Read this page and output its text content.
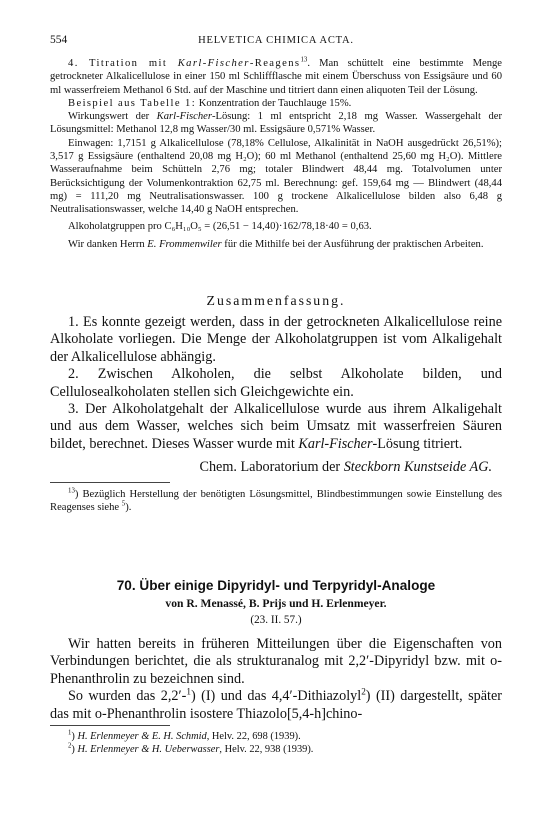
554	HELVETICA CHIMICA ACTA.

4. Titration mit Karl-Fischer-Reagens$^{13}$. Man schüttelt eine bestimmte Menge getrockneter Alkalicellulose in einer 150 ml Schliffflasche mit einem Überschuss von Essigsäure und 60 ml wasserfreiem Methanol 6 Std. auf der Maschine und titriert dann einen aliquoten Teil der Lösung.

Beispiel aus Tabelle 1: Konzentration der Tauchlauge 15%.

Wirkungswert der Karl-Fischer-Lösung: 1 ml entspricht 2,18 mg Wasser. Wassergehalt der Lösungsmittel: Methanol 12,8 mg Wasser/30 ml. Essigsäure 0,571% Wasser.

Einwagen: 1,7151 g Alkalicellulose (78,18% Cellulose, Alkalinität in NaOH ausgedrückt 26,51%); 3,517 g Essigsäure (enthaltend 20,08 mg H₂O); 60 ml Methanol (enthaltend 25,60 mg H₂O). Mittlere Wasseraufnahme beim Schütteln 2,76 mg; totaler Blindwert 48,44 mg. Totalvolumen unter Berücksichtigung der Volumenkontraktion 62,75 ml. Berechnung: gef. 159,64 mg — Blindwert (48,44 mg) = 111,20 mg Neutralisationswasser. 100 g trockene Alkalicellulose bilden also 6,48 g Neutralisationswasser, welche 14,40 g NaOH entsprechen.

Alkoholatgruppen pro C₆H₁₀O₅ = (26,51 − 14,40)·162/78,18·40 = 0,63.

Wir danken Herrn E. Frommenwiler für die Mithilfe bei der Ausführung der praktischen Arbeiten.

Zusammenfassung.

1. Es konnte gezeigt werden, dass in der getrockneten Alkalicellulose reine Alkoholate vorliegen. Die Menge der Alkoholatgruppen ist vom Alkaligehalt der Alkalicellulose abhängig.

2. Zwischen Alkoholen, die selbst Alkoholate bilden, und Cellulosealkoholaten stellen sich Gleichgewichte ein.

3. Der Alkoholatgehalt der Alkalicellulose wurde aus ihrem Alkaligehalt und aus dem Wasser, welches sich beim Umsatz mit wasserfreien Säuren bildet, berechnet. Dieses Wasser wurde mit Karl-Fischer-Lösung titriert.

Chem. Laboratorium der Steckborn Kunstseide AG.

$^{13}$) Bezüglich Herstellung der benötigten Lösungsmittel, Blindbestimmungen sowie Einstellung des Reagenses siehe $^5$).

70. Über einige Dipyridyl- und Terpyridyl-Analoge
von R. Menassé, B. Prijs und H. Erlenmeyer.
(23. II. 57.)

Wir hatten bereits in früheren Mitteilungen über die Eigenschaften von Verbindungen berichtet, die als strukturanalog mit 2,2′-Dipyridyl bzw. mit o-Phenanthrolin zu bezeichnen sind.

So wurden das 2,2′-$^1$) (I) und das 4,4′-Dithiazolyl$^2$) (II) dargestellt, später das mit o-Phenanthrolin isostere Thiazolo[5,4-h]chino-

$^1$) H. Erlenmeyer & E. H. Schmid, Helv. 22, 698 (1939).

$^2$) H. Erlenmeyer & H. Ueberwasser, Helv. 22, 938 (1939).
